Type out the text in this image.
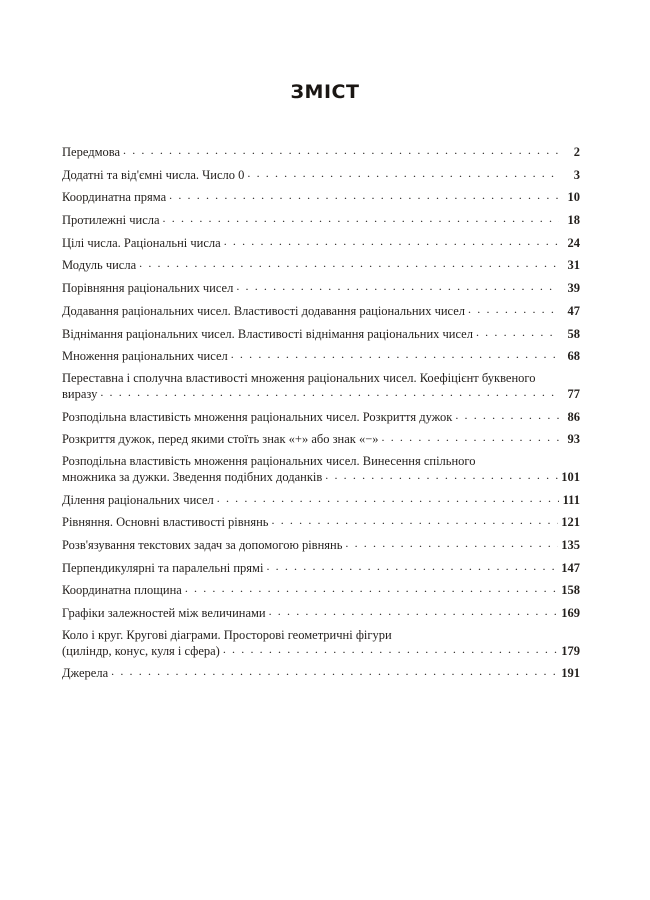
ЗМІСТ
Передмова . . .	2
Додатні та від'ємні числа. Число 0 . . .	3
Координатна пряма . . .	10
Протилежні числа . . .	18
Цілі числа. Раціональні числа . . .	24
Модуль числа . . .	31
Порівняння раціональних чисел . . .	39
Додавання раціональних чисел. Властивості додавання раціональних чисел . . .	47
Віднімання раціональних чисел. Властивості віднімання раціональних чисел . . .	58
Множення раціональних чисел . . .	68
Переставна і сполучна властивості множення раціональних чисел. Коефіцієнт буквеного
виразу . . .	77
Розподільна властивість множення раціональних чисел. Розкриття дужок . . .	86
Розкриття дужок, перед якими стоїть знак «+» або знак «−» . . .	93
Розподільна властивість множення раціональних чисел. Винесення спільного
множника за дужки. Зведення подібних доданків . . .	101
Ділення раціональних чисел . . .	111
Рівняння. Основні властивості рівнянь . . .	121
Розв'язування текстових задач за допомогою рівнянь . . .	135
Перпендикулярні та паралельні прямі . . .	147
Координатна площина . . .	158
Графіки залежностей між величинами . . .	169
Коло і круг. Кругові діаграми. Просторові геометричні фігури
(циліндр, конус, куля і сфера) . . .	179
Джерела . . .	191
